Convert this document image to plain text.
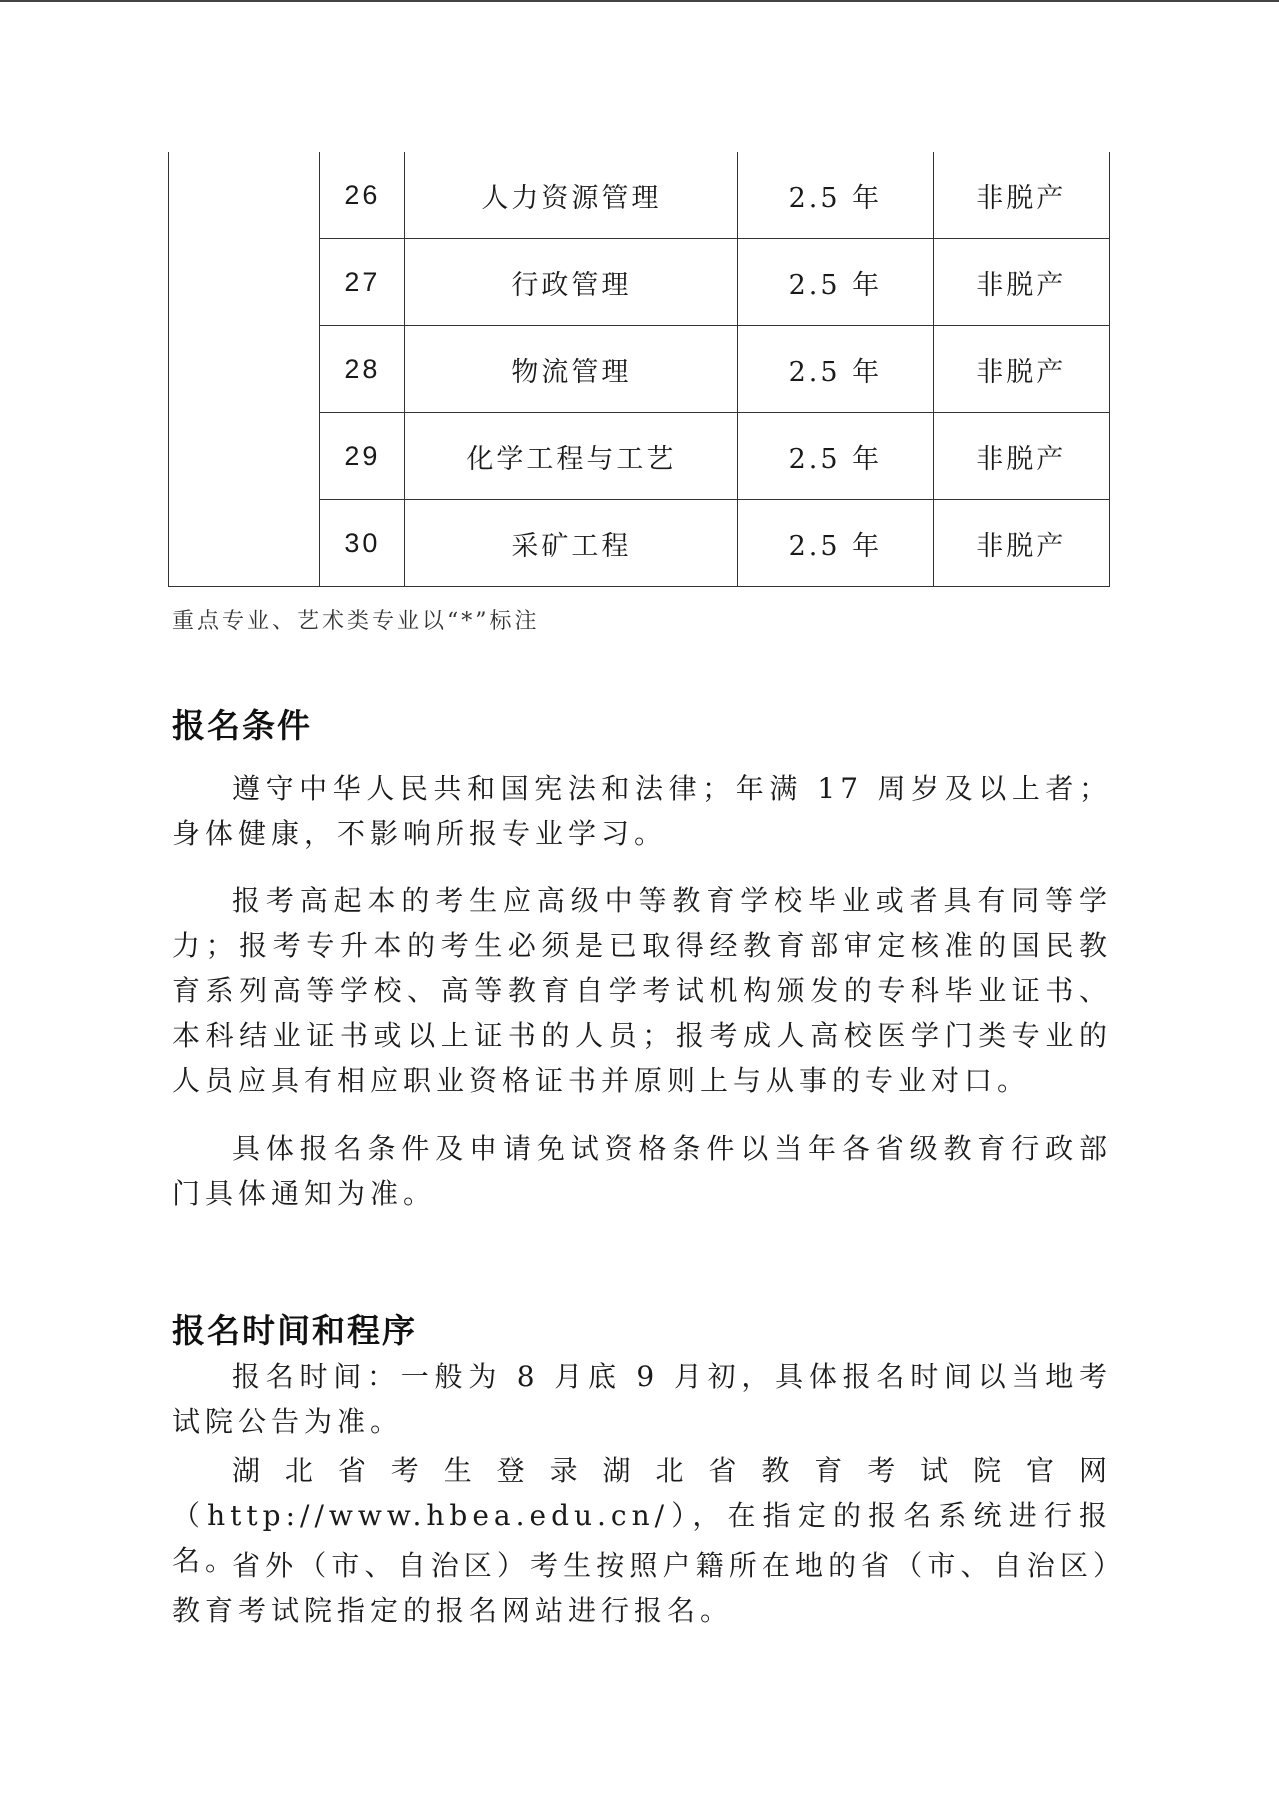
	26	人力资源管理	2.5 年	非脱产
	27	行政管理	2.5 年	非脱产
	28	物流管理	2.5 年	非脱产
	29	化学工程与工艺	2.5 年	非脱产
	30	采矿工程	2.5 年	非脱产
重点专业、艺术类专业以“*”标注
报名条件

遵守中华人民共和国宪法和法律；年满 17 周岁及以上者；身体健康，不影响所报专业学习。

报考高起本的考生应高级中等教育学校毕业或者具有同等学力；报考专升本的考生必须是已取得经教育部审定核准的国民教育系列高等学校、高等教育自学考试机构颁发的专科毕业证书、本科结业证书或以上证书的人员；报考成人高校医学门类专业的人员应具有相应职业资格证书并原则上与从事的专业对口。

具体报名条件及申请免试资格条件以当年各省级教育行政部门具体通知为准。

报名时间和程序

报名时间：一般为 8 月底 9 月初，具体报名时间以当地考试院公告为准。

湖北省考生登录湖北省教育考试院官网（http://www.hbea.edu.cn/），在指定的报名系统进行报名。

省外（市、自治区）考生按照户籍所在地的省（市、自治区）教育考试院指定的报名网站进行报名。
